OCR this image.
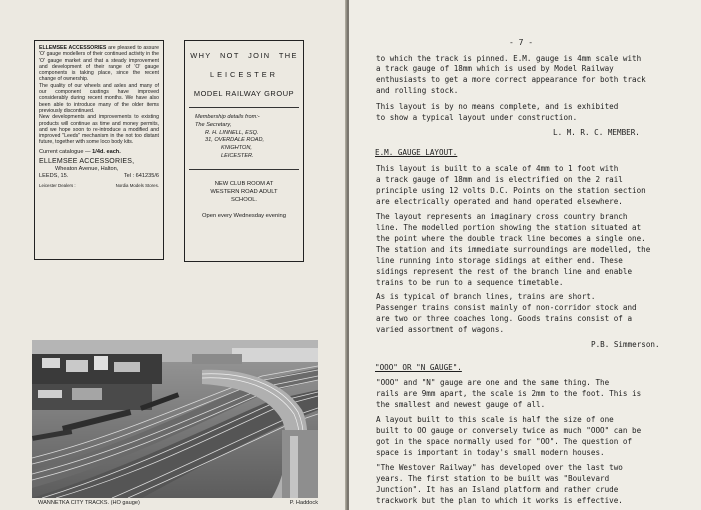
ELLEMSEE ACCESSORIES are pleased to assure 'O' gauge modellers of their continued activity in the 'O' gauge market and that a steady improvement and development of their range of 'O' gauge components is taking place, since the recent change of ownership.

The quality of our wheels and axles and many of our component castings have improved considerably during recent months. We have also been able to introduce many of the older items previously discontinued.

New developments and improvements to existing products will continue as time and money permits, and we hope soon to re-introduce a modified and improved "Leeds" mechanism in the not too distant future, together with some loco body kits.

Current catalogue — 1/4d. each.
ELLEMSEE ACCESSORIES,
Wheaton Avenue, Halton,
LEEDS, 15.	Tel : 641235/6
Leicester Dealers :	Nordia Models Stores.
WHY NOT JOIN THE
LEICESTER
MODEL RAILWAY GROUP
Membership details from:-
The Secretary,
R. H. LINNELL, ESQ.
31, OVERDALE ROAD,
KNIGHTON,
LEICESTER.
NEW CLUB ROOM AT
WESTERN ROAD ADULT
SCHOOL.
Open every Wednesday evening
WANNETKA CITY TRACKS. (HO gauge)	P. Haddock
- 7 -
to which the track is pinned. E.M. gauge is 4mm scale with
a track gauge of 18mm which is used by Model Railway
enthusiasts to get a more correct appearance for both track
and rolling stock.
This layout is by no means complete, and is exhibited
to show a typical layout under construction.
L. M. R. C. MEMBER.
E.M. GAUGE LAYOUT.
This layout is built to a scale of 4mm to 1 foot with
a track gauge of 18mm and is electrified on the 2 rail
principle using 12 volts D.C. Points on the station section
are electrically operated and hand operated elsewhere.
The layout represents an imaginary cross country branch
line. The modelled portion showing the station situated at
the point where the double track line becomes a single one.
The station and its immediate surroundings are modelled, the
line running into storage sidings at either end. These
sidings represent the rest of the branch line and enable
trains to be run to a sequence timetable.
As is typical of branch lines, trains are short.
Passenger trains consist mainly of non-corridor stock and
are two or three coaches long. Goods trains consist of a
varied assortment of wagons.
P.B. Simmerson.
"OOO" OR "N GAUGE".
"OOO" and "N" gauge are one and the same thing. The
rails are 9mm apart, the scale is 2mm to the foot. This is
the smallest and newest gauge of all.
A layout built to this scale is half the size of one
built to OO gauge or conversely twice as much "OOO" can be
got in the space normally used for "OO". The question of
space is important in today's small modern houses.
"The Westover Railway" has developed over the last two
years. The first station to be built was "Boulevard
Junction". It has an Island platform and rather crude
trackwork but the plan to which it works is effective.
